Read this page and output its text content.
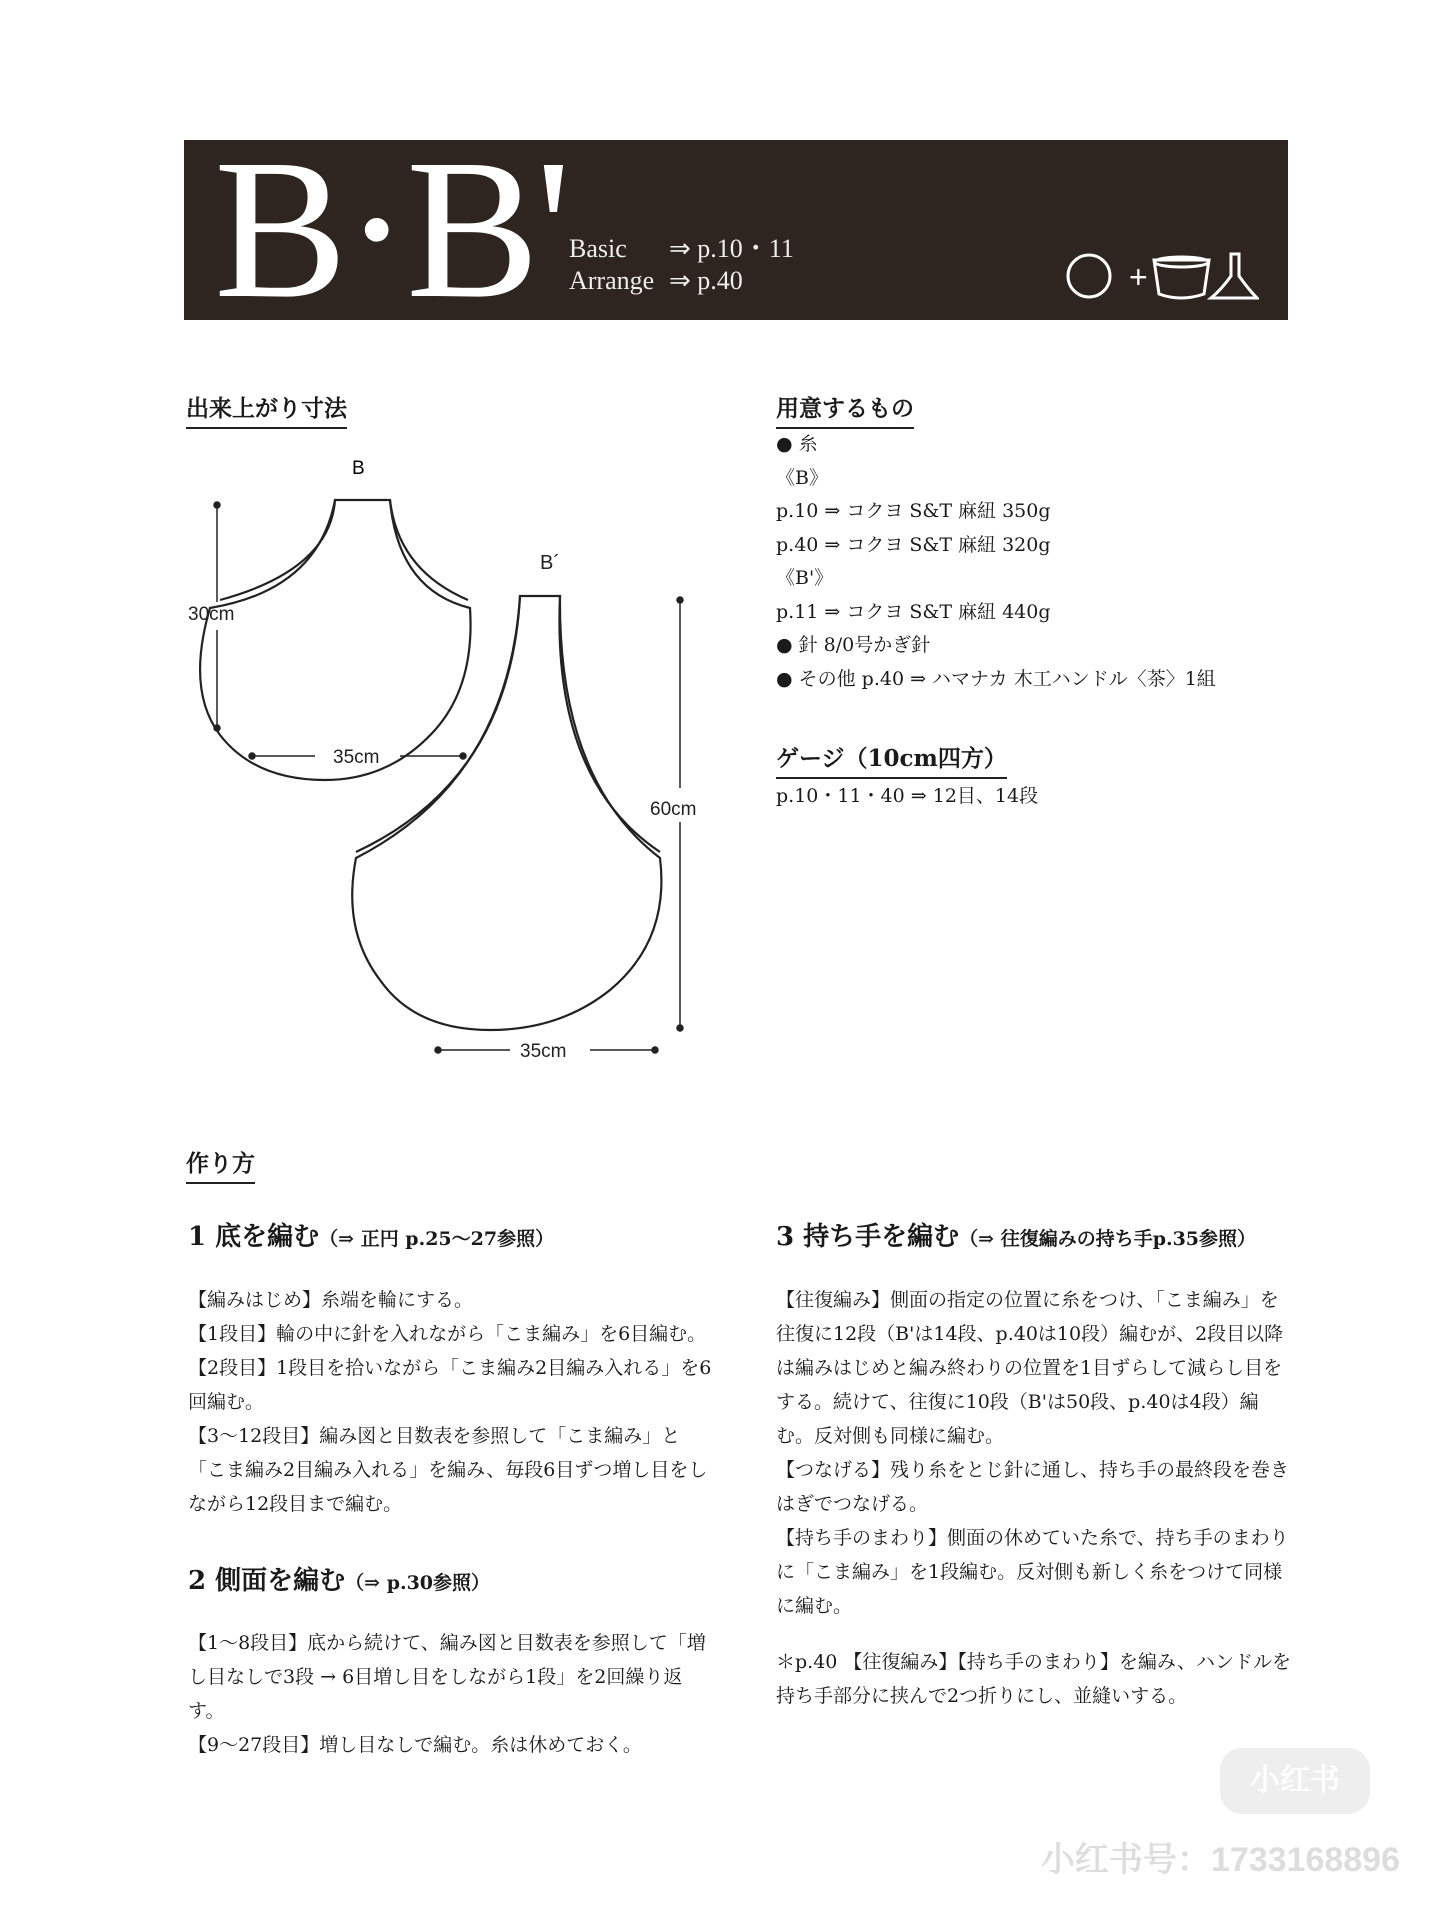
B·B' Basic ⇒ p.10・11
Arrange ⇒ p.40	+
出来上がり寸法
B
30cm
35cm
B´
60cm
35cm
用意するもの
● 糸
《B》
p.10 ⇒ コクヨ S&T 麻紐 350g
p.40 ⇒ コクヨ S&T 麻紐 320g
《B'》
p.11 ⇒ コクヨ S&T 麻紐 440g
● 針 8/0号かぎ針
● その他 p.40 ⇒ ハマナカ 木工ハンドル〈茶〉1組
ゲージ（10cm四方）
p.10・11・40 ⇒ 12目、14段
作り方
1 底を編む（⇒ 正円 p.25〜27参照）

【編みはじめ】糸端を輪にする。

【1段目】輪の中に針を入れながら「こま編み」を6目編む。

【2段目】1段目を拾いながら「こま編み2目編み入れる」を6回編む。

【3〜12段目】編み図と目数表を参照して「こま編み」と「こま編み2目編み入れる」を編み、毎段6目ずつ増し目をしながら12段目まで編む。

2 側面を編む（⇒ p.30参照）

【1〜8段目】底から続けて、編み図と目数表を参照して「増し目なしで3段 → 6目増し目をしながら1段」を2回繰り返す。

【9〜27段目】増し目なしで編む。糸は休めておく。

3 持ち手を編む（⇒ 往復編みの持ち手p.35参照）

【往復編み】側面の指定の位置に糸をつけ、「こま編み」を往復に12段（B'は14段、p.40は10段）編むが、2段目以降は編みはじめと編み終わりの位置を1目ずらして減らし目をする。続けて、往復に10段（B'は50段、p.40は4段）編む。反対側も同様に編む。

【つなげる】残り糸をとじ針に通し、持ち手の最終段を巻きはぎでつなげる。

【持ち手のまわり】側面の休めていた糸で、持ち手のまわりに「こま編み」を1段編む。反対側も新しく糸をつけて同様に編む。

＊p.40 【往復編み】【持ち手のまわり】を編み、ハンドルを持ち手部分に挟んで2つ折りにし、並縫いする。

小红书
小红书号：1733168896
